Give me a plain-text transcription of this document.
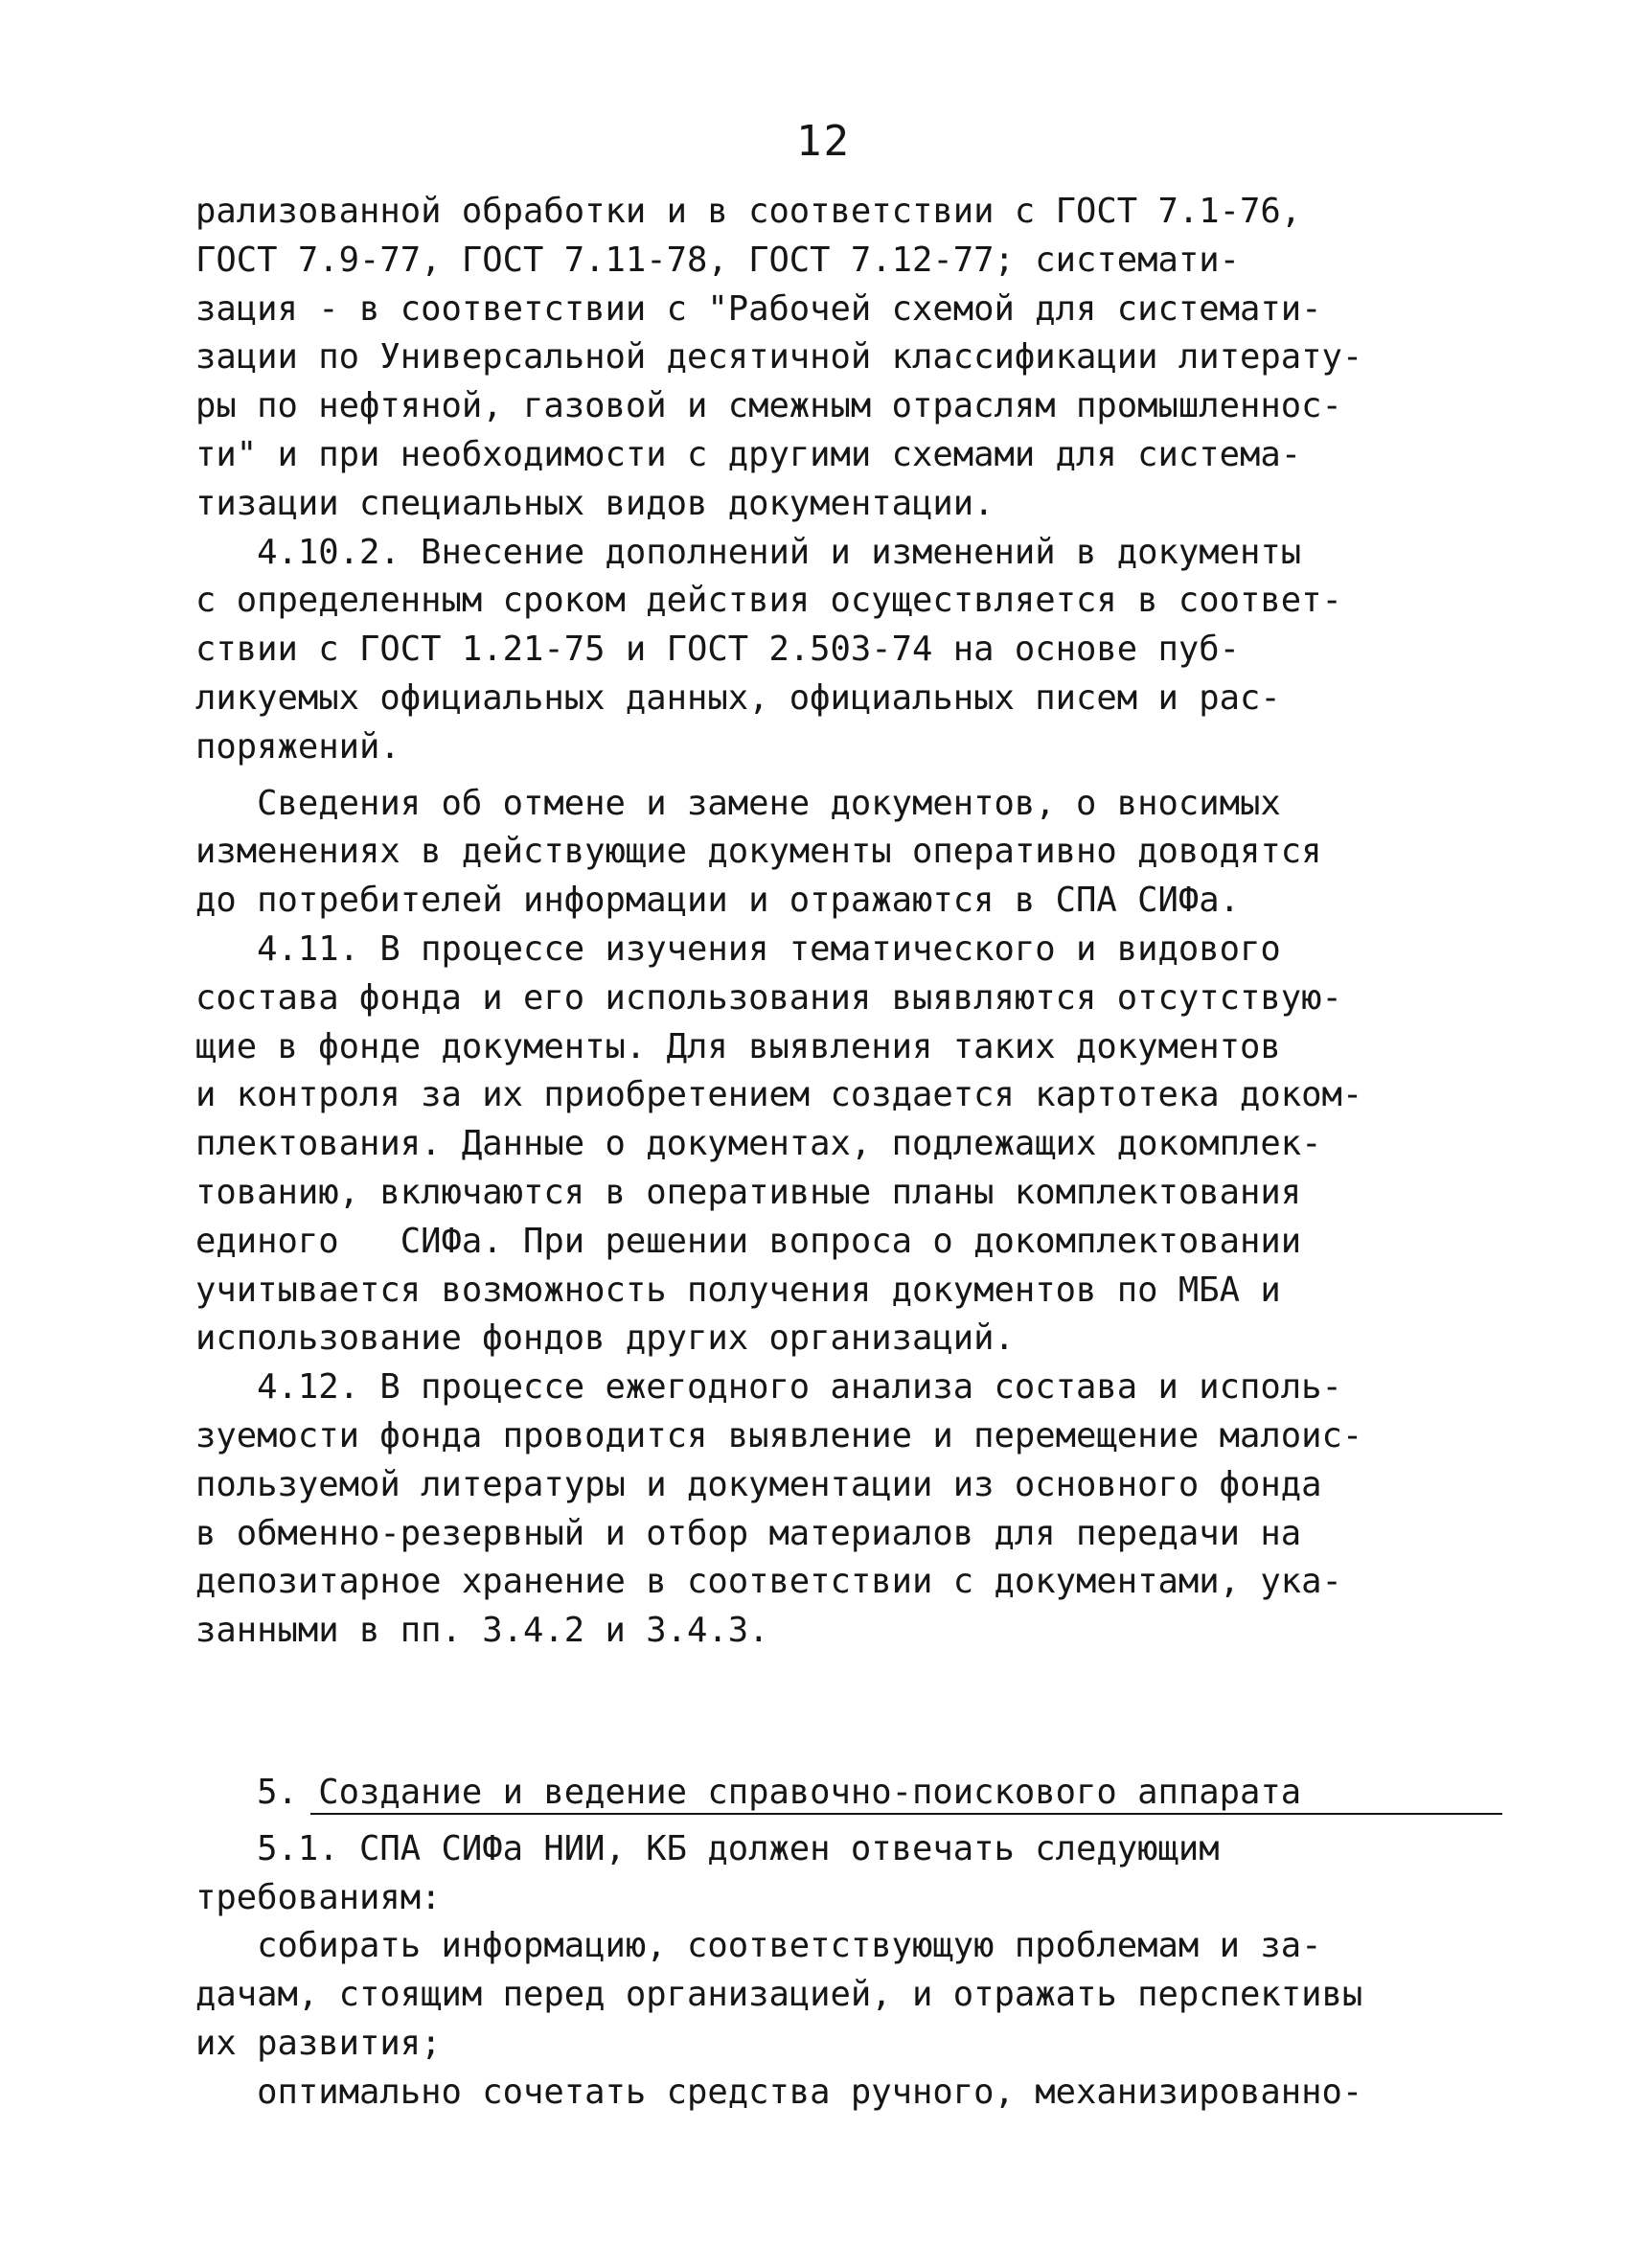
12
рализованной обработки и в соответствии с ГОСТ 7.1-76,
ГОСТ 7.9-77, ГОСТ 7.11-78, ГОСТ 7.12-77; системати-
зация - в соответствии с "Рабочей схемой для системати-
зации по Универсальной десятичной классификации литерату-
ры по нефтяной, газовой и смежным отраслям промышленнос-
ти" и при необходимости с другими схемами для система-
тизации специальных видов документации.
4.10.2. Внесение дополнений и изменений в документы
с определенным сроком действия осуществляется в соответ-
ствии с ГОСТ 1.21-75 и ГОСТ 2.503-74 на основе пуб-
ликуемых официальных данных, официальных писем и рас-
поряжений.
Сведения об отмене и замене документов, о вносимых
изменениях в действующие документы оперативно доводятся
до потребителей информации и отражаются в СПА СИФа.
4.11. В процессе изучения тематического и видового
состава фонда и его использования выявляются отсутствую-
щие в фонде документы. Для выявления таких документов
и контроля за их приобретением создается картотека доком-
плектования. Данные о документах, подлежащих докомплек-
тованию, включаются в оперативные планы комплектования
единого   СИФа. При решении вопроса о докомплектовании
учитывается возможность получения документов по МБА и
использование фондов других организаций.
4.12. В процессе ежегодного анализа состава и исполь-
зуемости фонда проводится выявление и перемещение малоис-
пользуемой литературы и документации из основного фонда
в обменно-резервный и отбор материалов для передачи на
депозитарное хранение в соответствии с документами, ука-
занными в пп. 3.4.2 и 3.4.3.
5. Создание и ведение справочно-поискового аппарата
5.1. СПА СИФа НИИ, КБ должен отвечать следующим
требованиям:
собирать информацию, соответствующую проблемам и за-
дачам, стоящим перед организацией, и отражать перспективы
их развития;
оптимально сочетать средства ручного, механизированно-
